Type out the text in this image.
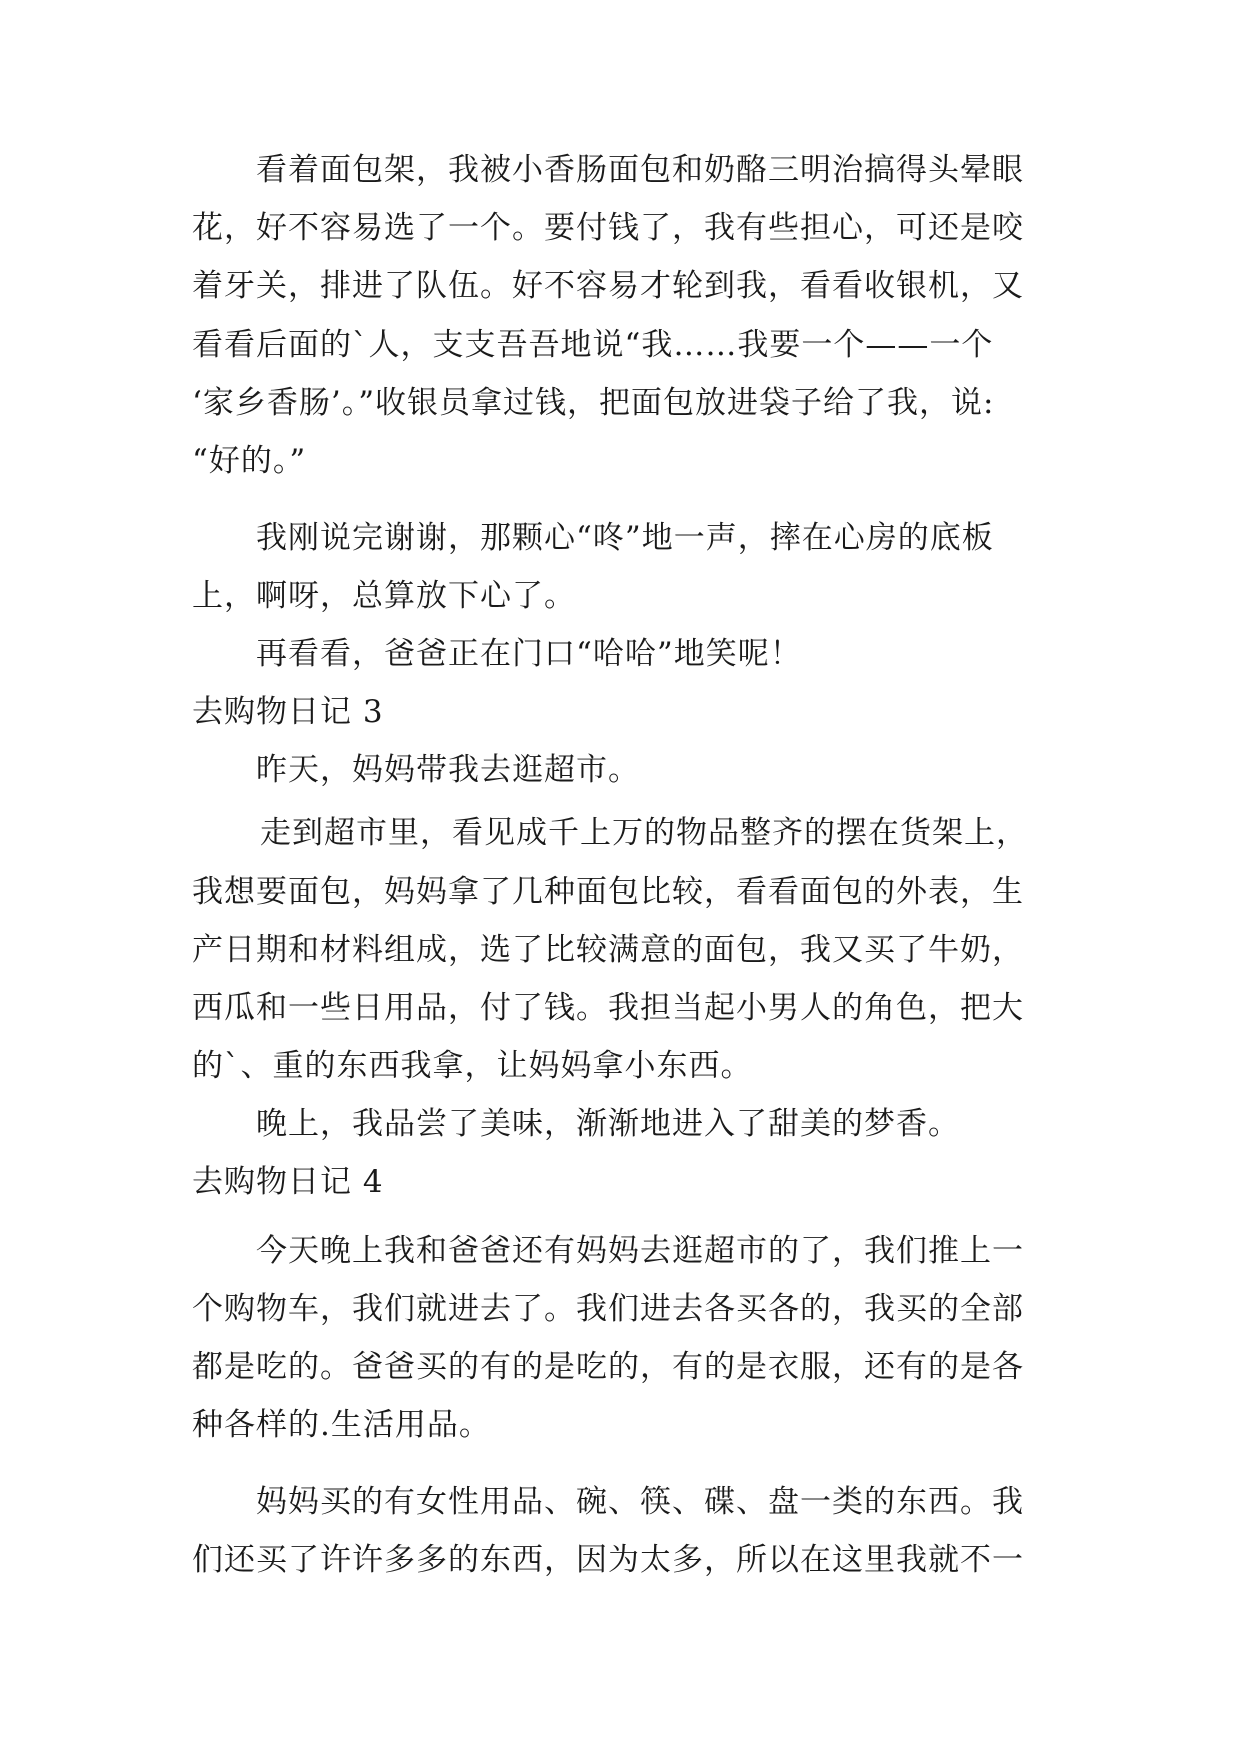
看着面包架，我被小香肠面包和奶酪三明治搞得头晕眼
花，好不容易选了一个。要付钱了，我有些担心，可还是咬
着牙关，排进了队伍。好不容易才轮到我，看看收银机，又
看看后面的`人，支支吾吾地说“我……我要一个——一个
‘家乡香肠’。”收银员拿过钱，把面包放进袋子给了我，说:
“好的。”
我刚说完谢谢，那颗心“咚”地一声，摔在心房的底板
上，啊呀，总算放下心了。
再看看，爸爸正在门口“哈哈”地笑呢！
去购物日记 3
昨天，妈妈带我去逛超市。
走到超市里，看见成千上万的物品整齐的摆在货架上，
我想要面包，妈妈拿了几种面包比较，看看面包的外表，生
产日期和材料组成，选了比较满意的面包，我又买了牛奶，
西瓜和一些日用品，付了钱。我担当起小男人的角色，把大
的`、重的东西我拿，让妈妈拿小东西。
晚上，我品尝了美味，渐渐地进入了甜美的梦香。
去购物日记 4
今天晚上我和爸爸还有妈妈去逛超市的了，我们推上一
个购物车，我们就进去了。我们进去各买各的，我买的全部
都是吃的。爸爸买的有的是吃的，有的是衣服，还有的是各
种各样的.生活用品。
妈妈买的有女性用品、碗、筷、碟、盘一类的东西。我
们还买了许许多多的东西，因为太多，所以在这里我就不一
